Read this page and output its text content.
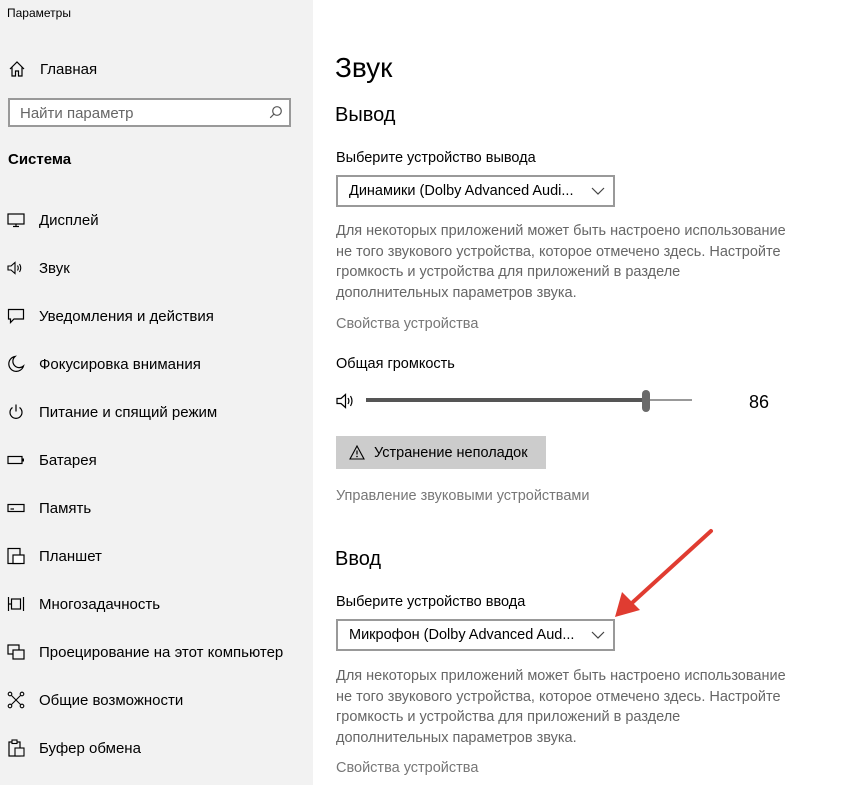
Параметры
Главная
Найти параметр
Система
Дисплей
Звук
Уведомления и действия
Фокусировка внимания
Питание и спящий режим
Батарея
Память
Планшет
Многозадачность
Проецирование на этот компьютер
Общие возможности
Буфер обмена
Звук
Вывод
Выберите устройство вывода
Динамики (Dolby Advanced Audi...
Для некоторых приложений может быть настроено использование не того звукового устройства, которое отмечено здесь. Настройте громкость и устройства для приложений в разделе дополнительных параметров звука.
Свойства устройства
Общая громкость
86
Устранение неполадок
Управление звуковыми устройствами
Ввод
Выберите устройство ввода
Микрофон (Dolby Advanced Aud...
Для некоторых приложений может быть настроено использование не того звукового устройства, которое отмечено здесь. Настройте громкость и устройства для приложений в разделе дополнительных параметров звука.
Свойства устройства
